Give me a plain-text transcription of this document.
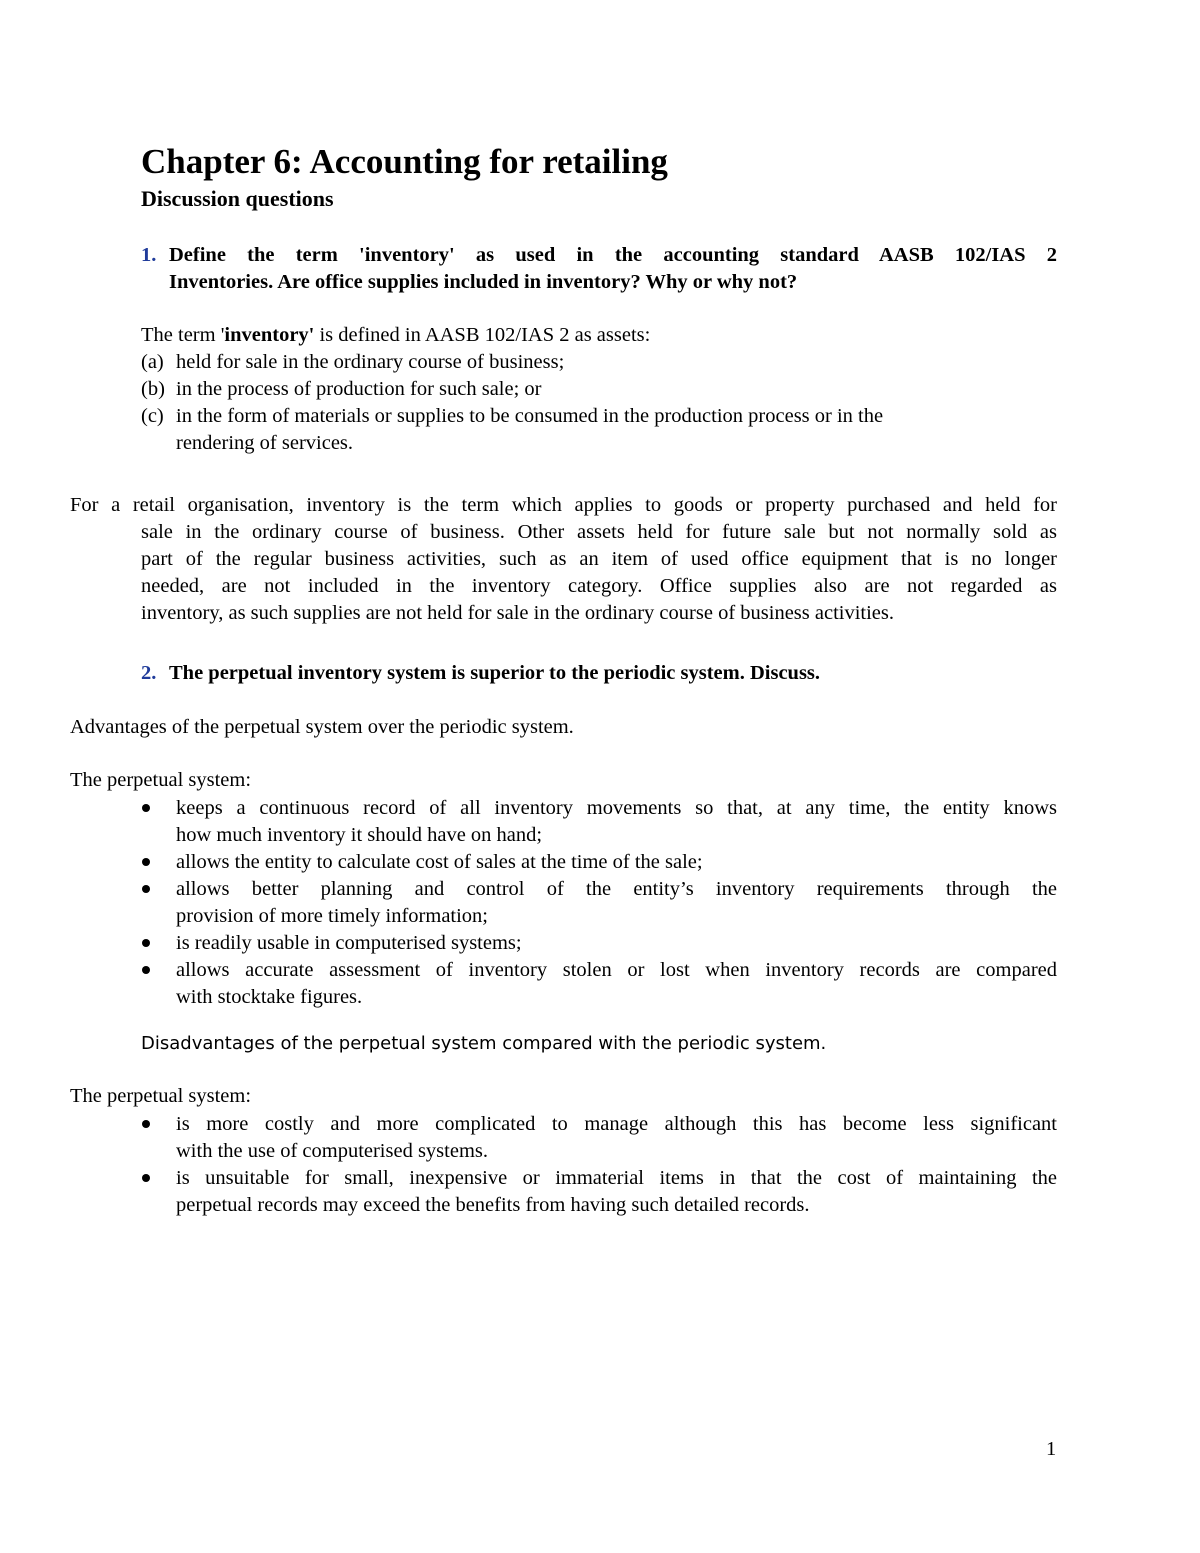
Chapter 6: Accounting for retailing
Discussion questions
1. Define the term 'inventory' as used in the accounting standard AASB 102/IAS 2
Inventories. Are office supplies included in inventory? Why or why not?
The term 'inventory' is defined in AASB 102/IAS 2 as assets:
(a) held for sale in the ordinary course of business;
(b) in the process of production for such sale; or
(c) in the form of materials or supplies to be consumed in the production process or in the
rendering of services.
For a retail organisation, inventory is the term which applies to goods or property purchased and held for
sale in the ordinary course of business. Other assets held for future sale but not normally sold as
part of the regular business activities, such as an item of used office equipment that is no longer
needed, are not included in the inventory category. Office supplies also are not regarded as
inventory, as such supplies are not held for sale in the ordinary course of business activities.
2. The perpetual inventory system is superior to the periodic system. Discuss.
Advantages of the perpetual system over the periodic system.
The perpetual system:
keeps a continuous record of all inventory movements so that, at any time, the entity knows
how much inventory it should have on hand;
allows the entity to calculate cost of sales at the time of the sale;
allows better planning and control of the entity’s inventory requirements through the
provision of more timely information;
is readily usable in computerised systems;
allows accurate assessment of inventory stolen or lost when inventory records are compared
with stocktake figures.
Disadvantages of the perpetual system compared with the periodic system.
The perpetual system:
is more costly and more complicated to manage although this has become less significant
with the use of computerised systems.
is unsuitable for small, inexpensive or immaterial items in that the cost of maintaining the
perpetual records may exceed the benefits from having such detailed records.
1
